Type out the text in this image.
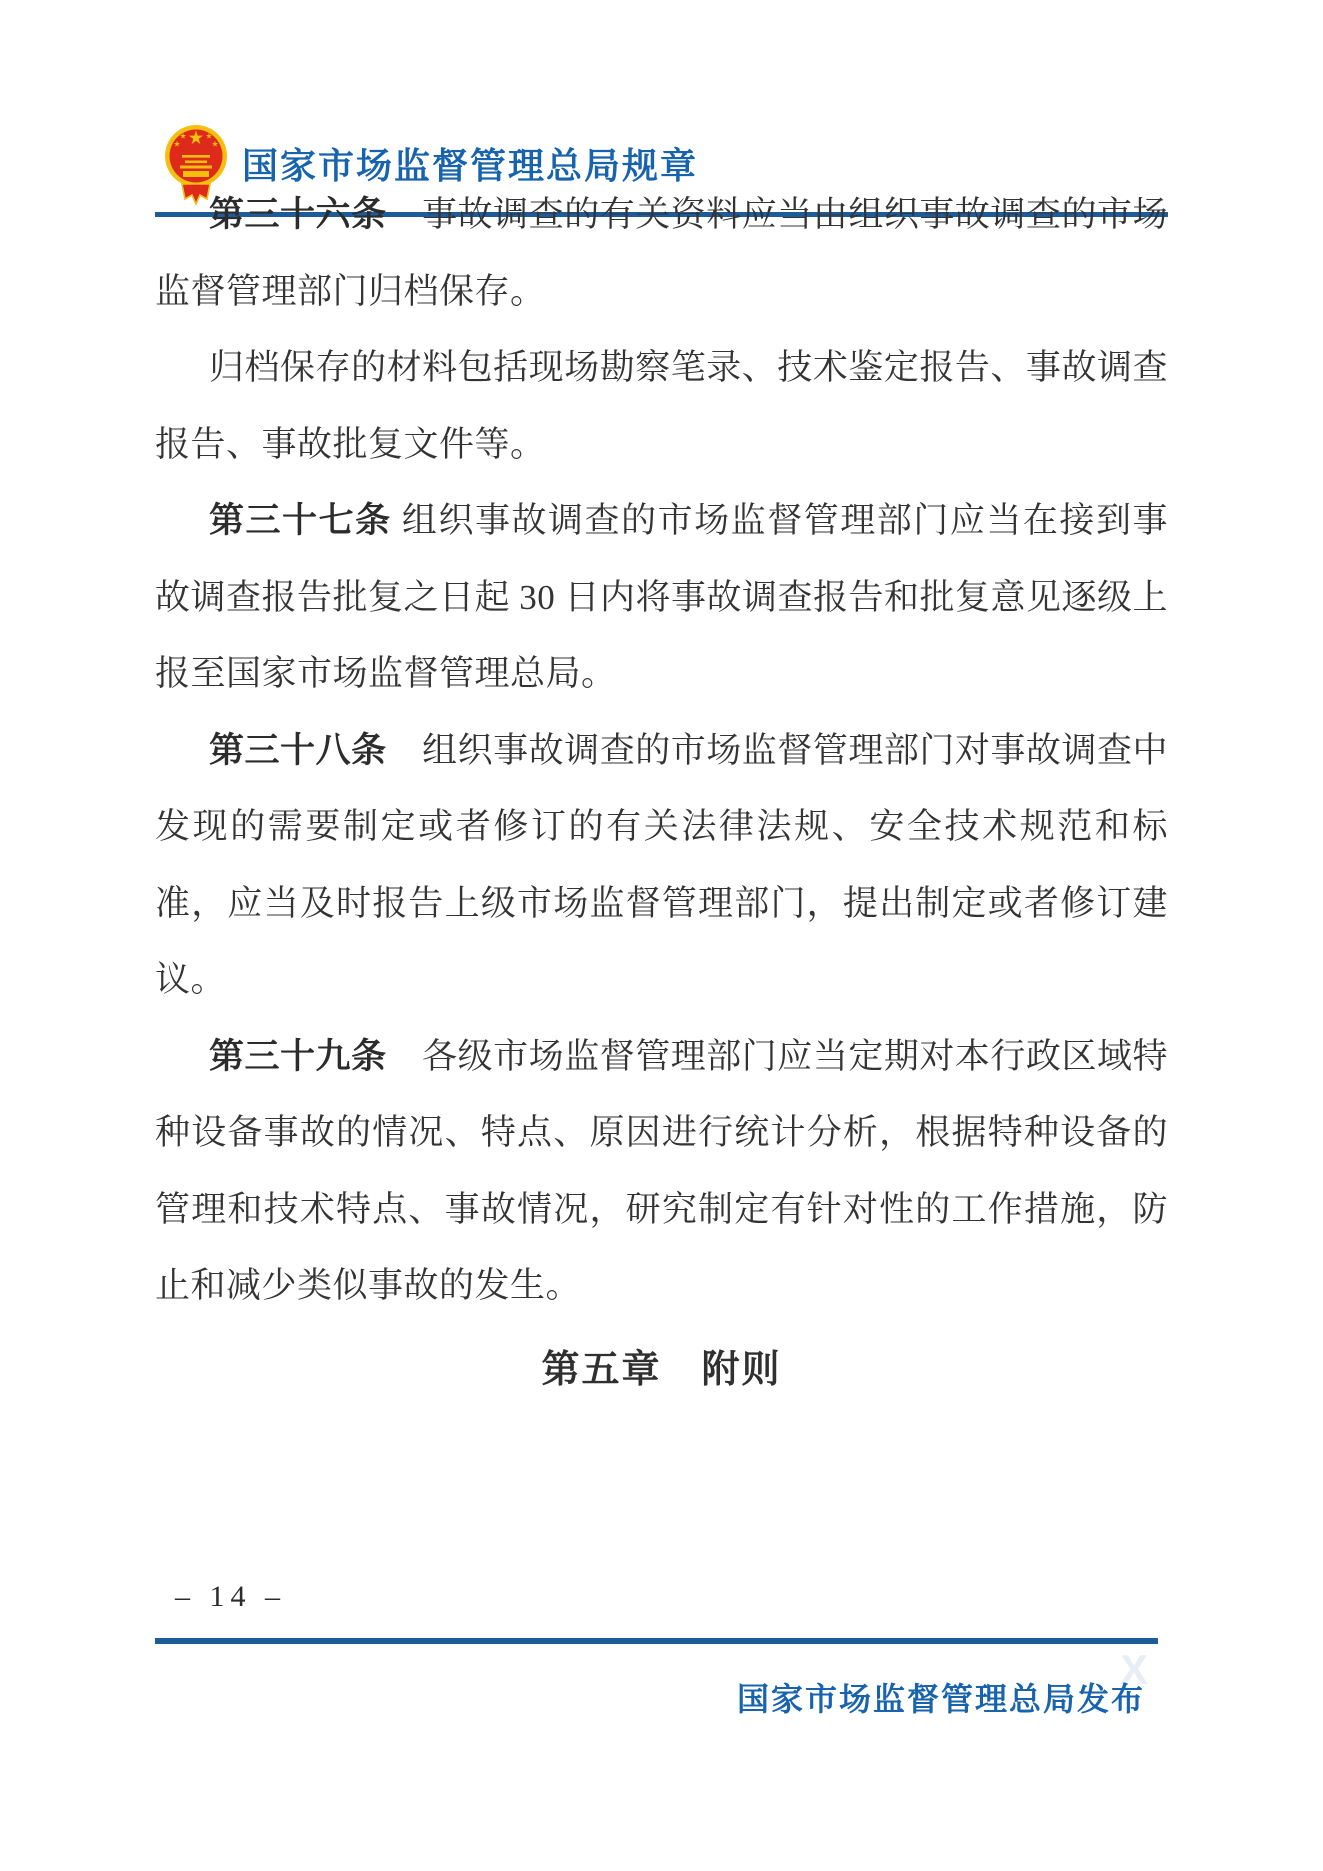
国家市场监督管理总局规章

第三十六条　 事故调查的有关资料应当由组织事故调查的市场监督管理部门归档保存。

归档保存的材料包括现场勘察笔录、技术鉴定报告、事故调查报告、事故批复文件等。

第三十七条 组织事故调查的市场监督管理部门应当在接到事故调查报告批复之日起 30 日内将事故调查报告和批复意见逐级上报至国家市场监督管理总局。

第三十八条　 组织事故调查的市场监督管理部门对事故调查中发现的需要制定或者修订的有关法律法规、安全技术规范和标准，应当及时报告上级市场监督管理部门，提出制定或者修订建议。

第三十九条　 各级市场监督管理部门应当定期对本行政区域特种设备事故的情况、特点、原因进行统计分析，根据特种设备的管理和技术特点、事故情况，研究制定有针对性的工作措施，防止和减少类似事故的发生。

第五章　附则
– 14 –
X
国家市场监督管理总局发布
